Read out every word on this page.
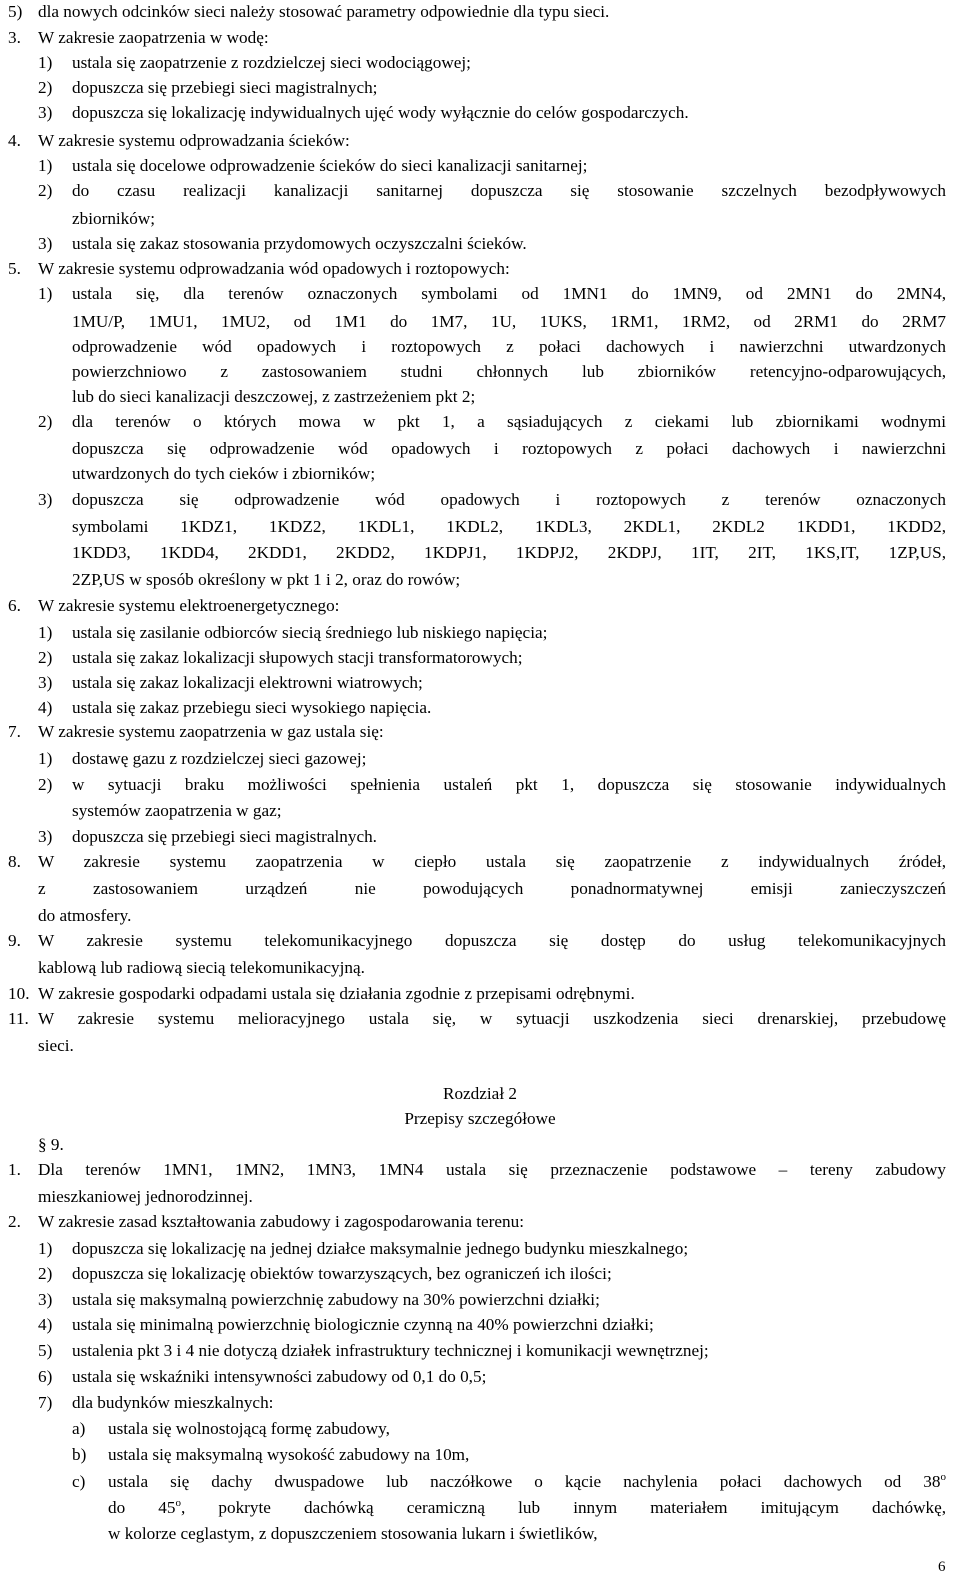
5) dla nowych odcinków sieci należy stosować parametry odpowiednie dla typu sieci.
3. W zakresie zaopatrzenia w wodę:
1) ustala się zaopatrzenie z rozdzielczej sieci wodociągowej;
2) dopuszcza się przebiegi sieci magistralnych;
3) dopuszcza się lokalizację indywidualnych ujęć wody wyłącznie do celów gospodarczych.
4. W zakresie systemu odprowadzania ścieków:
1) ustala się docelowe odprowadzenie ścieków do sieci kanalizacji sanitarnej;
2) do czasu realizacji kanalizacji sanitarnej dopuszcza się stosowanie szczelnych bezodpływowych
zbiorników;
3) ustala się zakaz stosowania przydomowych oczyszczalni ścieków.
5. W zakresie systemu odprowadzania wód opadowych i roztopowych:
1) ustala się, dla terenów oznaczonych symbolami od 1MN1 do 1MN9, od 2MN1 do 2MN4,
1MU/P, 1MU1, 1MU2, od 1M1 do 1M7, 1U, 1UKS, 1RM1, 1RM2, od 2RM1 do 2RM7
odprowadzenie wód opadowych i roztopowych z połaci dachowych i nawierzchni utwardzonych
powierzchniowo z zastosowaniem studni chłonnych lub zbiorników retencyjno-odparowujących,
lub do sieci kanalizacji deszczowej, z zastrzeżeniem pkt 2;
2) dla terenów o których mowa w pkt 1, a sąsiadujących z ciekami lub zbiornikami wodnymi
dopuszcza się odprowadzenie wód opadowych i roztopowych z połaci dachowych i nawierzchni
utwardzonych do tych cieków i zbiorników;
3) dopuszcza się odprowadzenie wód opadowych i roztopowych z terenów oznaczonych
symbolami 1KDZ1, 1KDZ2, 1KDL1, 1KDL2, 1KDL3, 2KDL1, 2KDL2 1KDD1, 1KDD2,
1KDD3, 1KDD4, 2KDD1, 2KDD2, 1KDPJ1, 1KDPJ2, 2KDPJ, 1IT, 2IT, 1KS,IT, 1ZP,US,
2ZP,US w sposób określony w pkt 1 i 2, oraz do rowów;
6. W zakresie systemu elektroenergetycznego:
1) ustala się zasilanie odbiorców siecią średniego lub niskiego napięcia;
2) ustala się zakaz lokalizacji słupowych stacji transformatorowych;
3) ustala się zakaz lokalizacji elektrowni wiatrowych;
4) ustala się zakaz przebiegu sieci wysokiego napięcia.
7. W zakresie systemu zaopatrzenia w gaz ustala się:
1) dostawę gazu z rozdzielczej sieci gazowej;
2) w sytuacji braku możliwości spełnienia ustaleń pkt 1, dopuszcza się stosowanie indywidualnych
systemów zaopatrzenia w gaz;
3) dopuszcza się przebiegi sieci magistralnych.
8. W zakresie systemu zaopatrzenia w ciepło ustala się zaopatrzenie z indywidualnych źródeł,
z zastosowaniem urządzeń nie powodujących ponadnormatywnej emisji zanieczyszczeń
do atmosfery.
9. W zakresie systemu telekomunikacyjnego dopuszcza się dostęp do usług telekomunikacyjnych
kablową lub radiową siecią telekomunikacyjną.
10. W zakresie gospodarki odpadami ustala się działania zgodnie z przepisami odrębnymi.
11. W zakresie systemu melioracyjnego ustala się, w sytuacji uszkodzenia sieci drenarskiej, przebudowę
sieci.
Rozdział 2
Przepisy szczegółowe
§ 9.
1. Dla terenów 1MN1, 1MN2, 1MN3, 1MN4 ustala się przeznaczenie podstawowe – tereny zabudowy
mieszkaniowej jednorodzinnej.
2. W zakresie zasad kształtowania zabudowy i zagospodarowania terenu:
1) dopuszcza się lokalizację na jednej działce maksymalnie jednego budynku mieszkalnego;
2) dopuszcza się lokalizację obiektów towarzyszących, bez ograniczeń ich ilości;
3) ustala się maksymalną powierzchnię zabudowy na 30% powierzchni działki;
4) ustala się minimalną powierzchnię biologicznie czynną na 40% powierzchni działki;
5) ustalenia pkt 3 i 4 nie dotyczą działek infrastruktury technicznej i komunikacji wewnętrznej;
6) ustala się wskaźniki intensywności zabudowy od 0,1 do 0,5;
7) dla budynków mieszkalnych:
a) ustala się wolnostojącą formę zabudowy,
b) ustala się maksymalną wysokość zabudowy na 10m,
c) ustala się dachy dwuspadowe lub naczółkowe o kącie nachylenia połaci dachowych od 38$^o$
do 45$^o$, pokryte dachówką ceramiczną lub innym materiałem imitującym dachówkę,
w kolorze ceglastym, z dopuszczeniem stosowania lukarn i świetlików,
6
